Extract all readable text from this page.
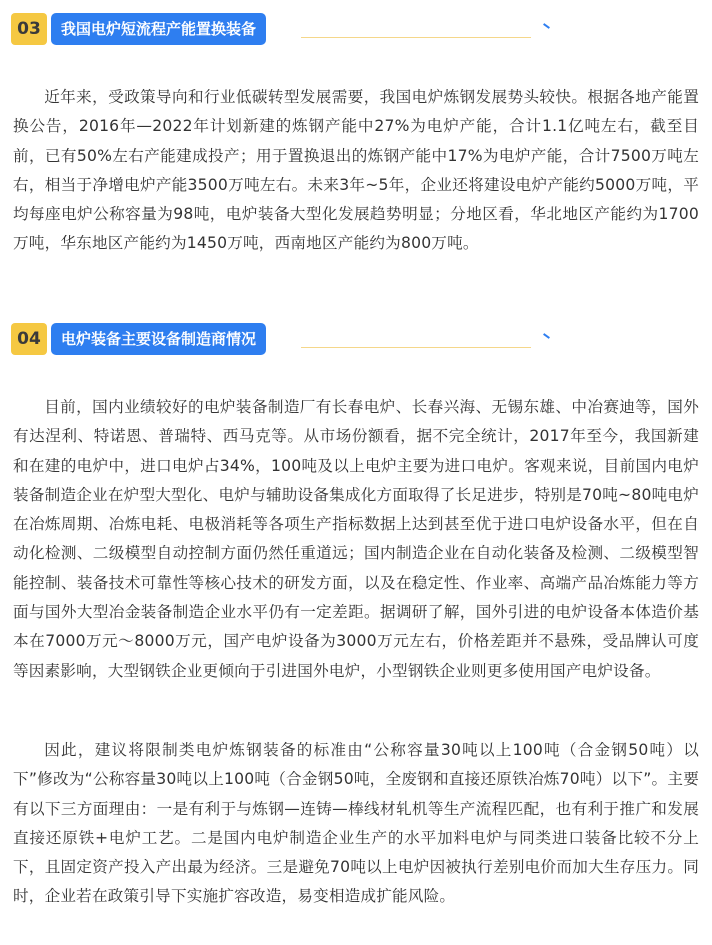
03	我国电炉短流程产能置换装备

近年来，受政策导向和行业低碳转型发展需要，我国电炉炼钢发展势头较快。根据各地产能置换公告，2016年—2022年计划新建的炼钢产能中27%为电炉产能，合计1.1亿吨左右，截至目前，已有50%左右产能建成投产；用于置换退出的炼钢产能中17%为电炉产能，合计7500万吨左右，相当于净增电炉产能3500万吨左右。未来3年~5年，企业还将建设电炉产能约5000万吨，平均每座电炉公称容量为98吨，电炉装备大型化发展趋势明显；分地区看，华北地区产能约为1700万吨，华东地区产能约为1450万吨，西南地区产能约为800万吨。

04	电炉装备主要设备制造商情况

目前，国内业绩较好的电炉装备制造厂有长春电炉、长春兴海、无锡东雄、中冶赛迪等，国外有达涅利、特诺恩、普瑞特、西马克等。从市场份额看，据不完全统计，2017年至今，我国新建和在建的电炉中，进口电炉占34%，100吨及以上电炉主要为进口电炉。客观来说，目前国内电炉装备制造企业在炉型大型化、电炉与辅助设备集成化方面取得了长足进步，特别是70吨~80吨电炉在冶炼周期、冶炼电耗、电极消耗等各项生产指标数据上达到甚至优于进口电炉设备水平，但在自动化检测、二级模型自动控制方面仍然任重道远；国内制造企业在自动化装备及检测、二级模型智能控制、装备技术可靠性等核心技术的研发方面，以及在稳定性、作业率、高端产品冶炼能力等方面与国外大型冶金装备制造企业水平仍有一定差距。据调研了解，国外引进的电炉设备本体造价基本在7000万元～8000万元，国产电炉设备为3000万元左右，价格差距并不悬殊，受品牌认可度等因素影响，大型钢铁企业更倾向于引进国外电炉，小型钢铁企业则更多使用国产电炉设备。

因此，建议将限制类电炉炼钢装备的标准由“公称容量30吨以上100吨（合金钢50吨）以下”修改为“公称容量30吨以上100吨（合金钢50吨，全废钢和直接还原铁冶炼70吨）以下”。主要有以下三方面理由：一是有利于与炼钢—连铸—棒线材轧机等生产流程匹配，也有利于推广和发展直接还原铁+电炉工艺。二是国内电炉制造企业生产的水平加料电炉与同类进口装备比较不分上下，且固定资产投入产出最为经济。三是避免70吨以上电炉因被执行差别电价而加大生存压力。同时，企业若在政策引导下实施扩容改造，易变相造成扩能风险。
